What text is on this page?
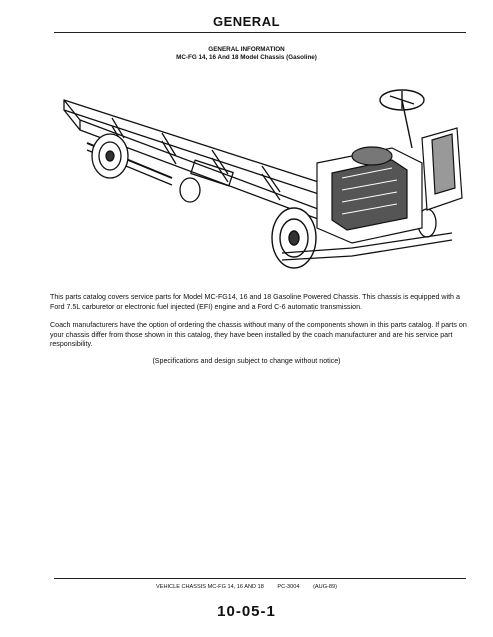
GENERAL
GENERAL INFORMATION
MC-FG 14, 16 And 18 Model Chassis (Gasoline)
This parts catalog covers service parts for Model MC-FG14, 16 and 18 Gasoline Powered Chassis. This chassis is equipped with a Ford 7.5L carburetor or electronic fuel injected (EFI) engine and a Ford C-6 automatic transmission.
Coach manufacturers have the option of ordering the chassis without many of the components shown in this parts catalog. If parts on your chassis differ from those shown in this catalog, they have been installed by the coach manufacturer and are his service part responsibility.
(Specifications and design subject to change without notice)
VEHICLE CHASSIS MC-FG 14, 16 AND 18 PC-3004 (AUG-89)
10-05-1
